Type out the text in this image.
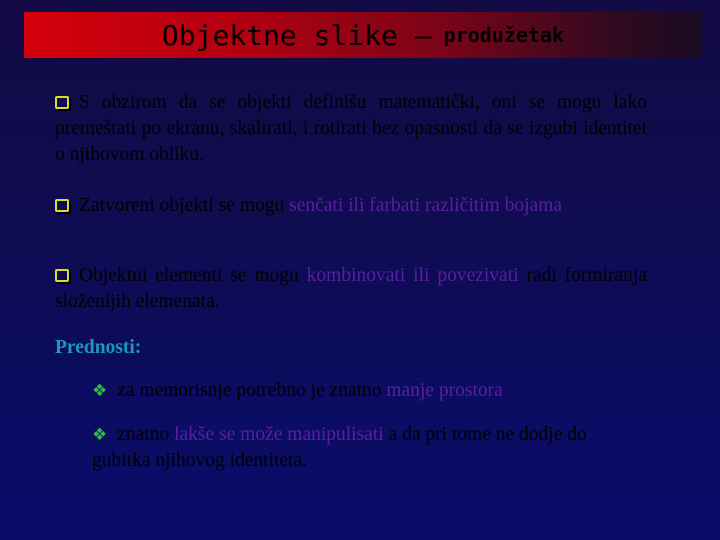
Objektne slike – produžetak
S obzirom da se objekti definišu matematički, oni se mogu lako premeštati po ekranu, skalirati, i rotirati bez opasnosti da se izgubi identitet o njihovom obliku.
Zatvoreni objekti se mogu senčati ili farbati različitim bojama
Objektni elementi se mogu kombinovati ili povezivati radi formiranja složenijih elemenata.
Prednosti:
❖ za memorisnje potrebno je znatno manje prostora
❖ znatno lakše se može manipulisati a da pri tome ne dodje do gubitka njihovog identiteta.
